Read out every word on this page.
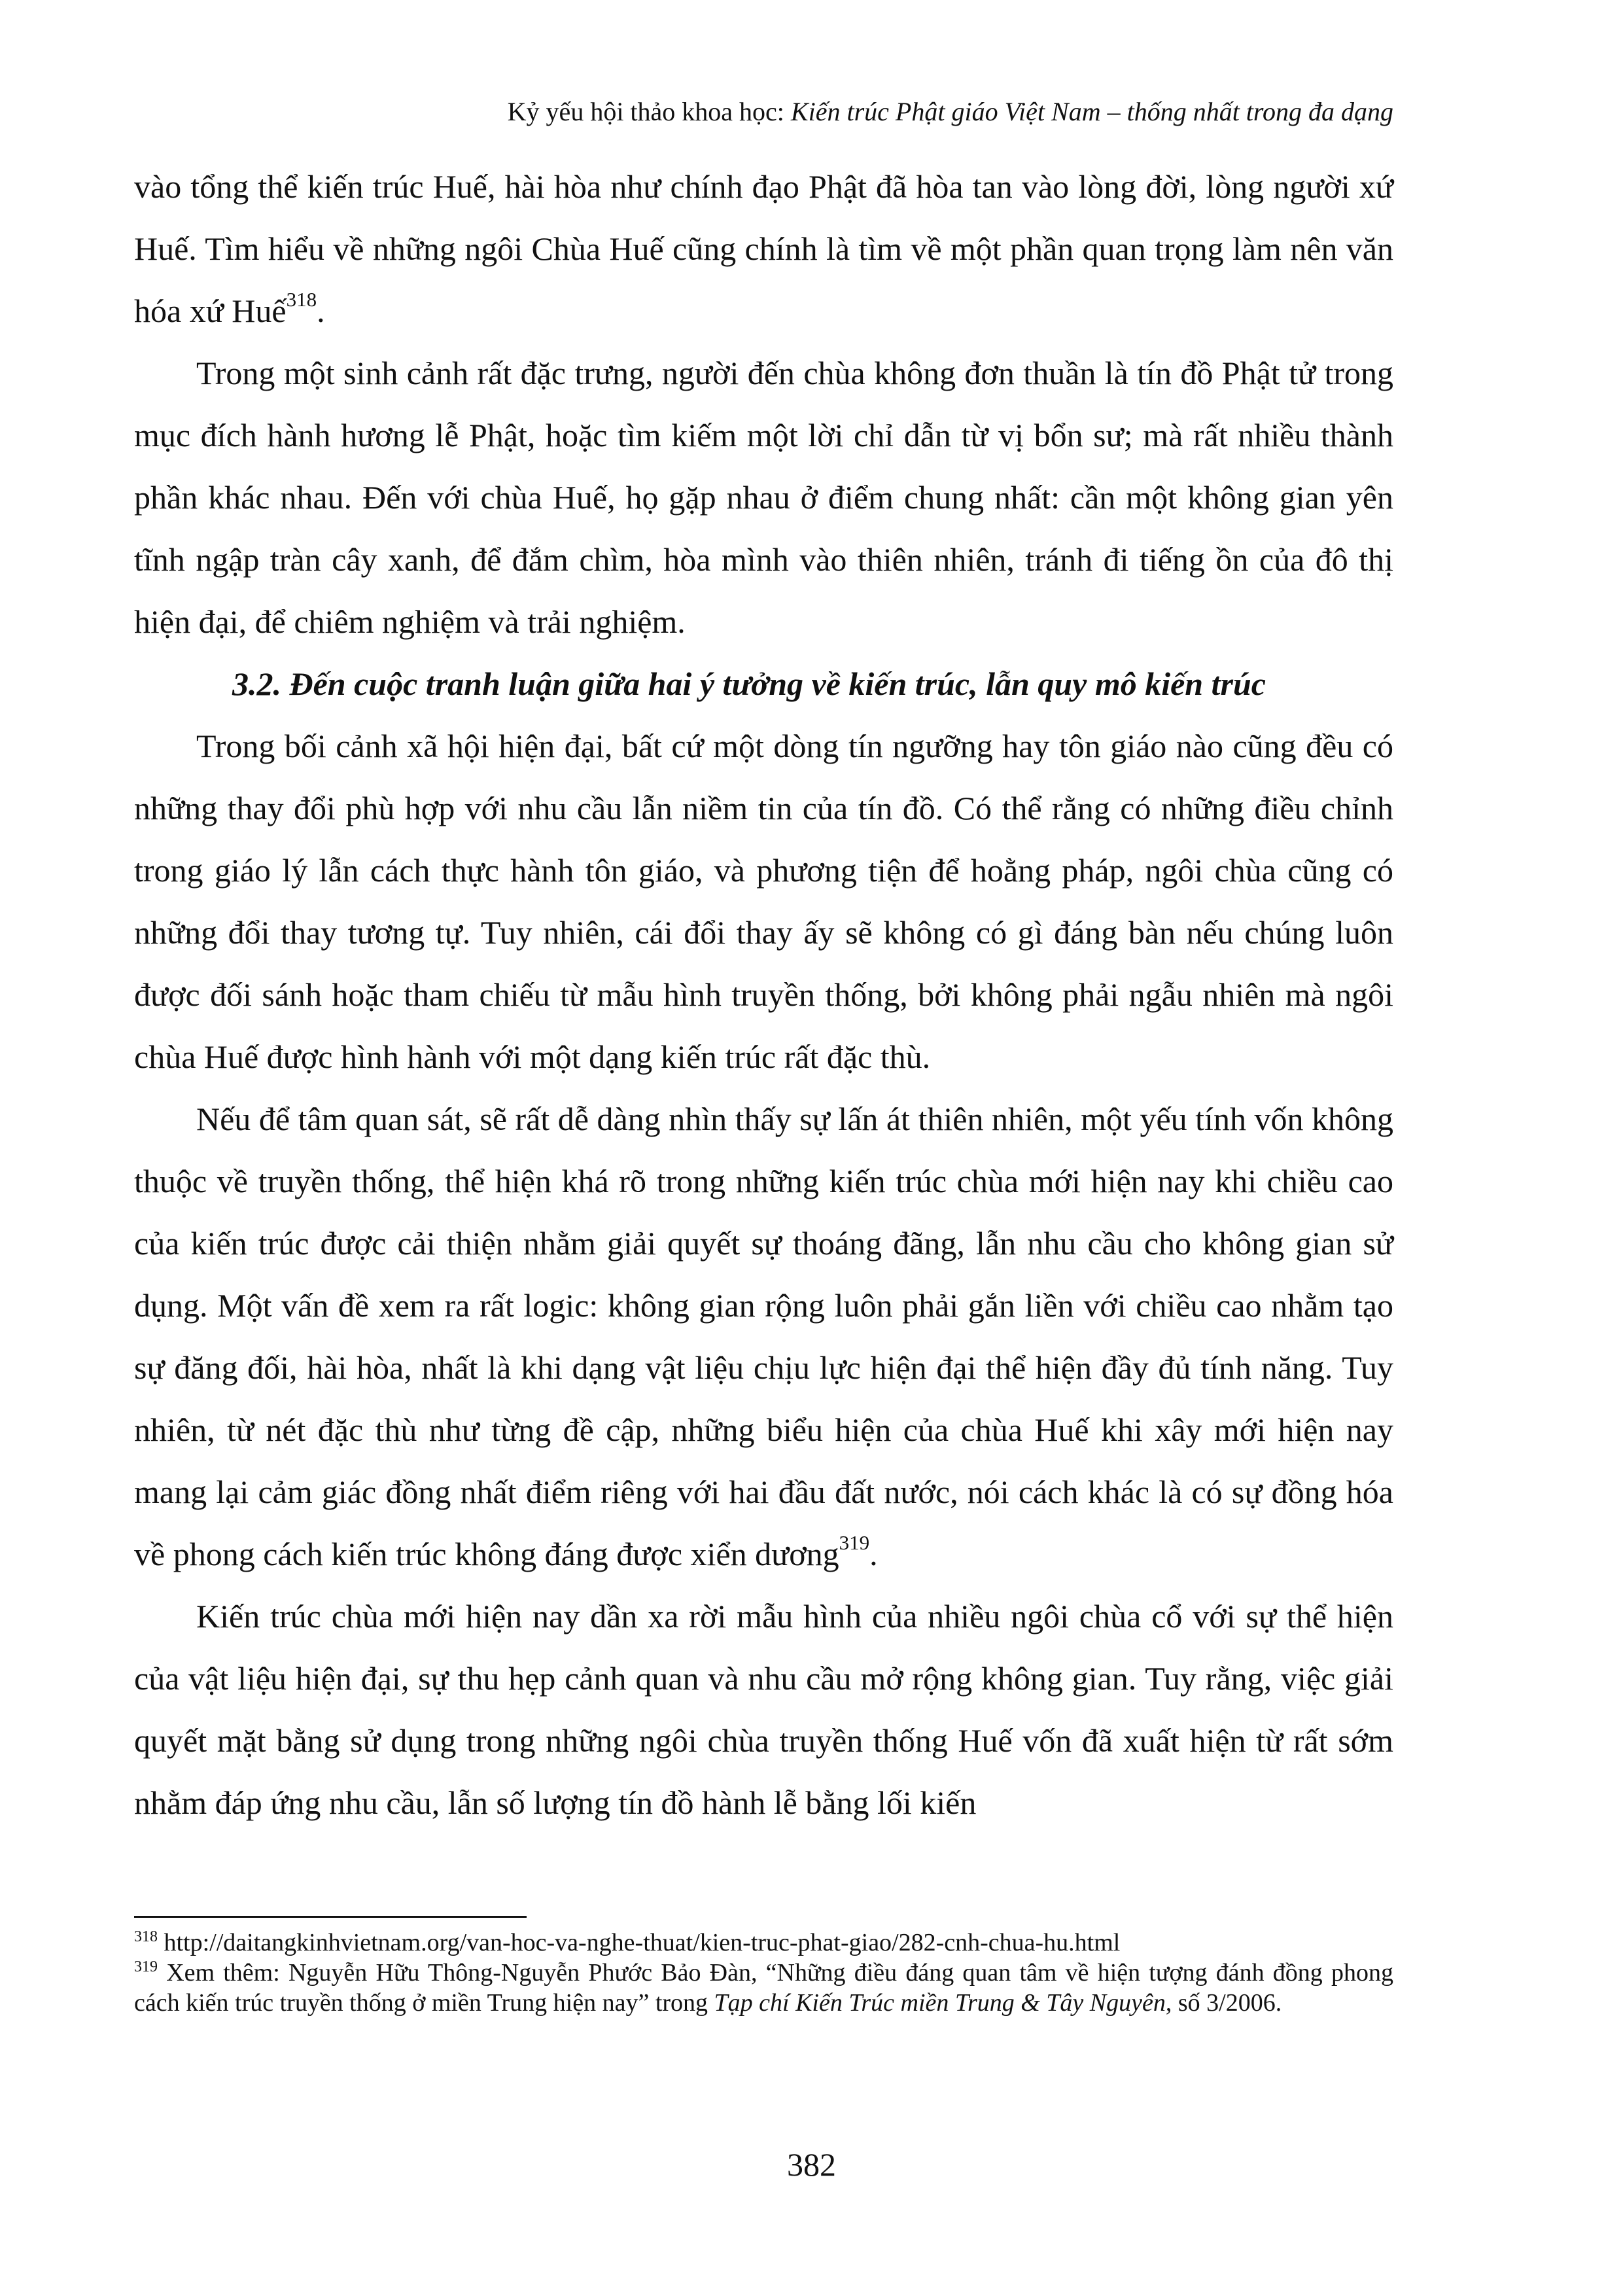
Kỷ yếu hội thảo khoa học: Kiến trúc Phật giáo Việt Nam – thống nhất trong đa dạng

vào tổng thể kiến trúc Huế, hài hòa như chính đạo Phật đã hòa tan vào lòng đời, lòng người xứ Huế. Tìm hiểu về những ngôi Chùa Huế cũng chính là tìm về một phần quan trọng làm nên văn hóa xứ Huế$^{318}$.

Trong một sinh cảnh rất đặc trưng, người đến chùa không đơn thuần là tín đồ Phật tử trong mục đích hành hương lễ Phật, hoặc tìm kiếm một lời chỉ dẫn từ vị bổn sư; mà rất nhiều thành phần khác nhau. Đến với chùa Huế, họ gặp nhau ở điểm chung nhất: cần một không gian yên tĩnh ngập tràn cây xanh, để đắm chìm, hòa mình vào thiên nhiên, tránh đi tiếng ồn của đô thị hiện đại, để chiêm nghiệm và trải nghiệm.

3.2. Đến cuộc tranh luận giữa hai ý tưởng về kiến trúc, lẫn quy mô kiến trúc

Trong bối cảnh xã hội hiện đại, bất cứ một dòng tín ngưỡng hay tôn giáo nào cũng đều có những thay đổi phù hợp với nhu cầu lẫn niềm tin của tín đồ. Có thể rằng có những điều chỉnh trong giáo lý lẫn cách thực hành tôn giáo, và phương tiện để hoằng pháp, ngôi chùa cũng có những đổi thay tương tự. Tuy nhiên, cái đổi thay ấy sẽ không có gì đáng bàn nếu chúng luôn được đối sánh hoặc tham chiếu từ mẫu hình truyền thống, bởi không phải ngẫu nhiên mà ngôi chùa Huế được hình hành với một dạng kiến trúc rất đặc thù.

Nếu để tâm quan sát, sẽ rất dễ dàng nhìn thấy sự lấn át thiên nhiên, một yếu tính vốn không thuộc về truyền thống, thể hiện khá rõ trong những kiến trúc chùa mới hiện nay khi chiều cao của kiến trúc được cải thiện nhằm giải quyết sự thoáng đãng, lẫn nhu cầu cho không gian sử dụng. Một vấn đề xem ra rất logic: không gian rộng luôn phải gắn liền với chiều cao nhằm tạo sự đăng đối, hài hòa, nhất là khi dạng vật liệu chịu lực hiện đại thể hiện đầy đủ tính năng. Tuy nhiên, từ nét đặc thù như từng đề cập, những biểu hiện của chùa Huế khi xây mới hiện nay mang lại cảm giác đồng nhất điểm riêng với hai đầu đất nước, nói cách khác là có sự đồng hóa về phong cách kiến trúc không đáng được xiển dương$^{319}$.

Kiến trúc chùa mới hiện nay dần xa rời mẫu hình của nhiều ngôi chùa cổ với sự thể hiện của vật liệu hiện đại, sự thu hẹp cảnh quan và nhu cầu mở rộng không gian. Tuy rằng, việc giải quyết mặt bằng sử dụng trong những ngôi chùa truyền thống Huế vốn đã xuất hiện từ rất sớm nhằm đáp ứng nhu cầu, lẫn số lượng tín đồ hành lễ bằng lối kiến

$^{318}$ http://daitangkinhvietnam.org/van-hoc-va-nghe-thuat/kien-truc-phat-giao/282-cnh-chua-hu.html

$^{319}$ Xem thêm: Nguyễn Hữu Thông-Nguyễn Phước Bảo Đàn, “Những điều đáng quan tâm về hiện tượng đánh đồng phong cách kiến trúc truyền thống ở miền Trung hiện nay” trong Tạp chí Kiến Trúc miền Trung & Tây Nguyên, số 3/2006.

382
